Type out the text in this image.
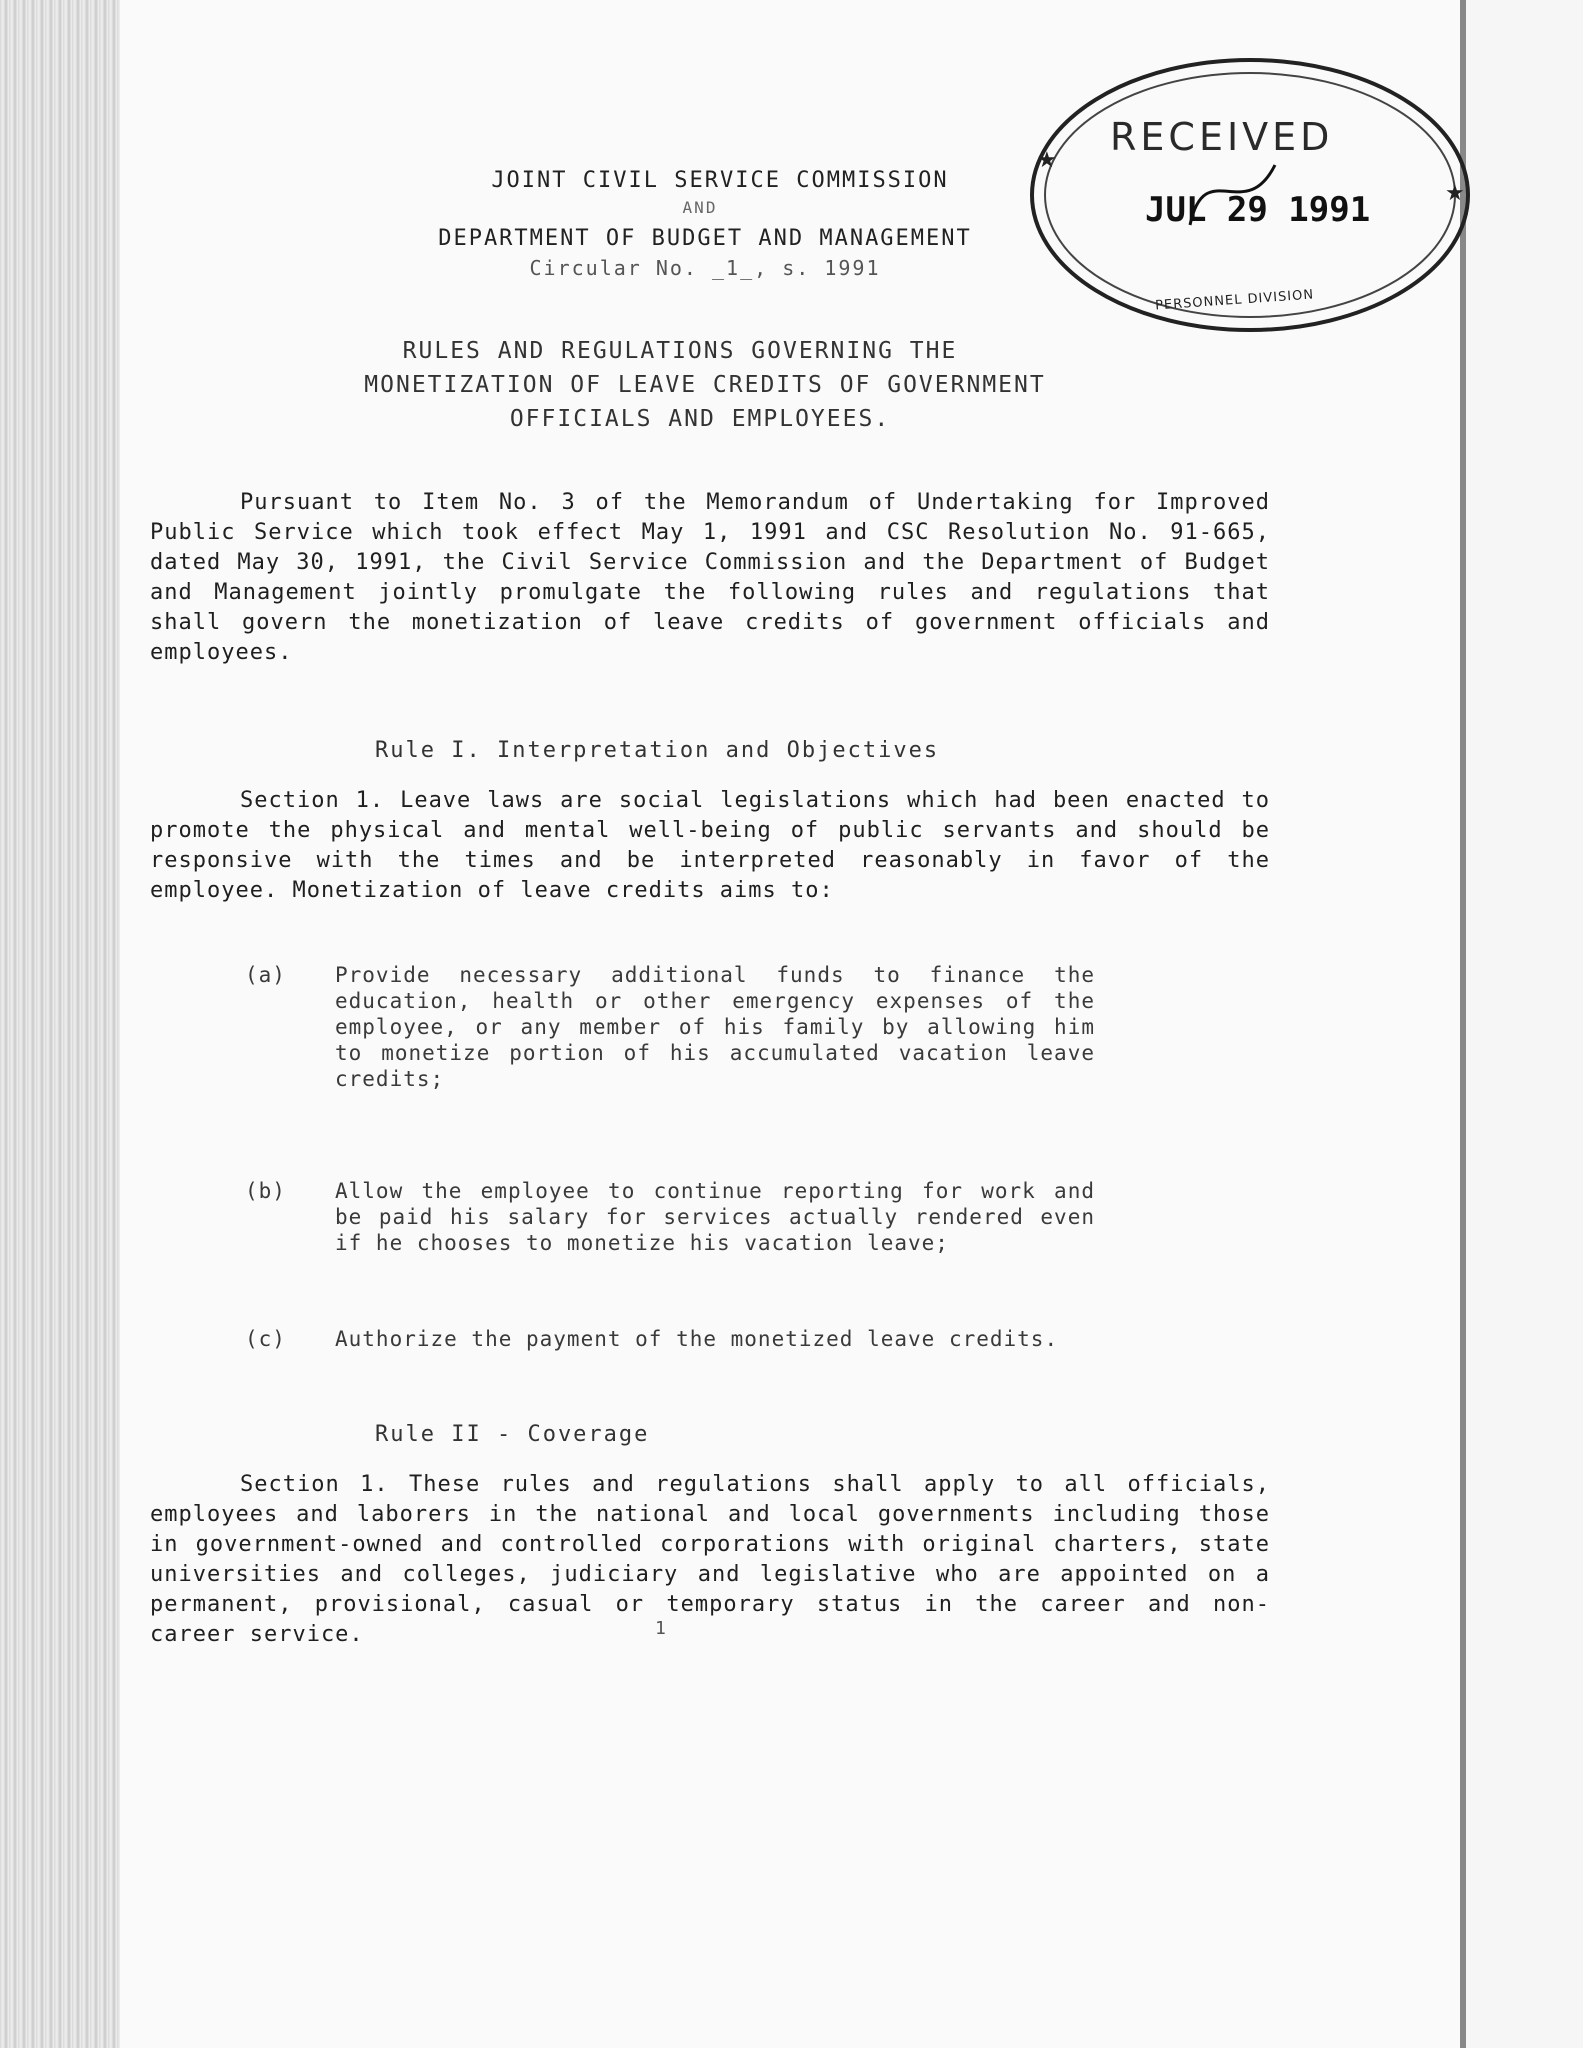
JOINT CIVIL SERVICE COMMISSION
AND
DEPARTMENT OF BUDGET AND MANAGEMENT
Circular No. _1_, s. 1991
★
★
RECEIVED
JUL 29 1991
PERSONNEL DIVISION
RULES AND REGULATIONS GOVERNING THE
MONETIZATION OF LEAVE CREDITS OF GOVERNMENT
OFFICIALS AND EMPLOYEES.
Pursuant to Item No. 3 of the Memorandum of Undertaking for Improved Public Service which took effect May 1, 1991 and CSC Resolution No. 91-665, dated May 30, 1991, the Civil Service Commission and the Department of Budget and Management jointly promulgate the following rules and regulations that shall govern the monetization of leave credits of government officials and employees.
Rule I. Interpretation and Objectives
Section 1. Leave laws are social legislations which had been enacted to promote the physical and mental well-being of public servants and should be responsive with the times and be interpreted reasonably in favor of the employee. Monetization of leave credits aims to:
(a)	Provide necessary additional funds to finance the education, health or other emergency expenses of the employee, or any member of his family by allowing him to monetize portion of his accumulated vacation leave credits;
(b)	Allow the employee to continue reporting for work and be paid his salary for services actually rendered even if he chooses to monetize his vacation leave;
(c)	Authorize the payment of the monetized leave credits.
Rule II - Coverage
Section 1. These rules and regulations shall apply to all officials, employees and laborers in the national and local governments including those in government-owned and controlled corporations with original charters, state universities and colleges, judiciary and legislative who are appointed on a permanent, provisional, casual or temporary status in the career and non-career service.	1
